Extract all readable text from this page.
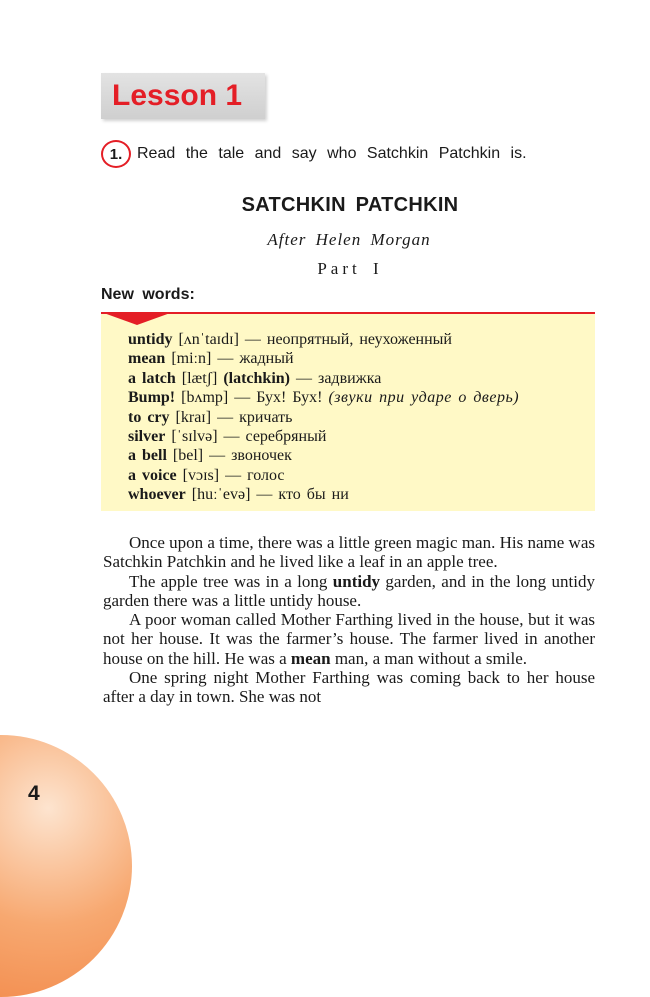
4
Lesson 1
1. Read the tale and say who Satchkin Patchkin is.
SATCHKIN PATCHKIN
After Helen Morgan
Part I
New words:
untidy [ʌnˈtaɪdɪ] — неопрятный, неухоженный
mean [miːn] — жадный
a latch [lætʃ] (latchkin) — задвижка
Bump! [bʌmp] — Бух! Бух! (звуки при ударе о дверь)
to cry [kraɪ] — кричать
silver [ˈsɪlvə] — серебряный
a bell [bel] — звоночек
a voice [vɔɪs] — голос
whoever [huːˈevə] — кто бы ни

Once upon a time, there was a little green magic man. His name was Satchkin Patchkin and he lived like a leaf in an apple tree.

The apple tree was in a long untidy garden, and in the long untidy garden there was a little untidy house.

A poor woman called Mother Farthing lived in the house, but it was not her house. It was the farmer’s house. The farmer lived in another house on the hill. He was a mean man, a man without a smile.

One spring night Mother Farthing was coming back to her house after a day in town. She was not
